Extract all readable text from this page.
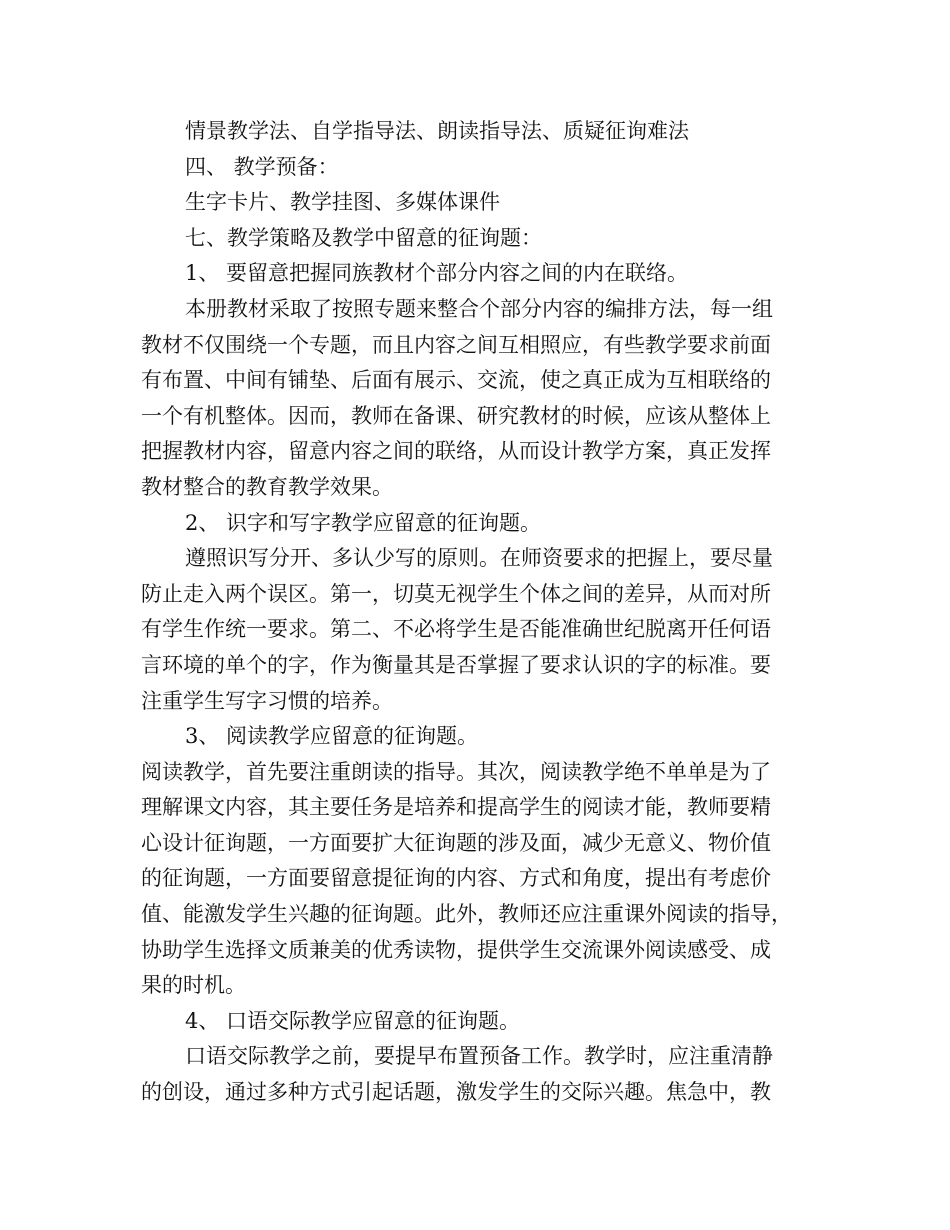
情景教学法、自学指导法、朗读指导法、质疑征询难法
四、 教学预备：
生字卡片、教学挂图、多媒体课件
七、教学策略及教学中留意的征询题：
1、 要留意把握同族教材个部分内容之间的内在联络。
本册教材采取了按照专题来整合个部分内容的编排方法，每一组
教材不仅围绕一个专题，而且内容之间互相照应，有些教学要求前面
有布置、中间有铺垫、后面有展示、交流，使之真正成为互相联络的
一个有机整体。因而，教师在备课、研究教材的时候，应该从整体上
把握教材内容，留意内容之间的联络，从而设计教学方案，真正发挥
教材整合的教育教学效果。
2、 识字和写字教学应留意的征询题。
遵照识写分开、多认少写的原则。在师资要求的把握上，要尽量
防止走入两个误区。第一，切莫无视学生个体之间的差异，从而对所
有学生作统一要求。第二、不必将学生是否能准确世纪脱离开任何语
言环境的单个的字，作为衡量其是否掌握了要求认识的字的标准。要
注重学生写字习惯的培养。
3、 阅读教学应留意的征询题。
阅读教学，首先要注重朗读的指导。其次，阅读教学绝不单单是为了
理解课文内容，其主要任务是培养和提高学生的阅读才能，教师要精
心设计征询题，一方面要扩大征询题的涉及面，减少无意义、物价值
的征询题，一方面要留意提征询的内容、方式和角度，提出有考虑价
值、能激发学生兴趣的征询题。此外，教师还应注重课外阅读的指导，
协助学生选择文质兼美的优秀读物，提供学生交流课外阅读感受、成
果的时机。
4、 口语交际教学应留意的征询题。
口语交际教学之前，要提早布置预备工作。教学时，应注重清静
的创设，通过多种方式引起话题，激发学生的交际兴趣。焦急中，教
